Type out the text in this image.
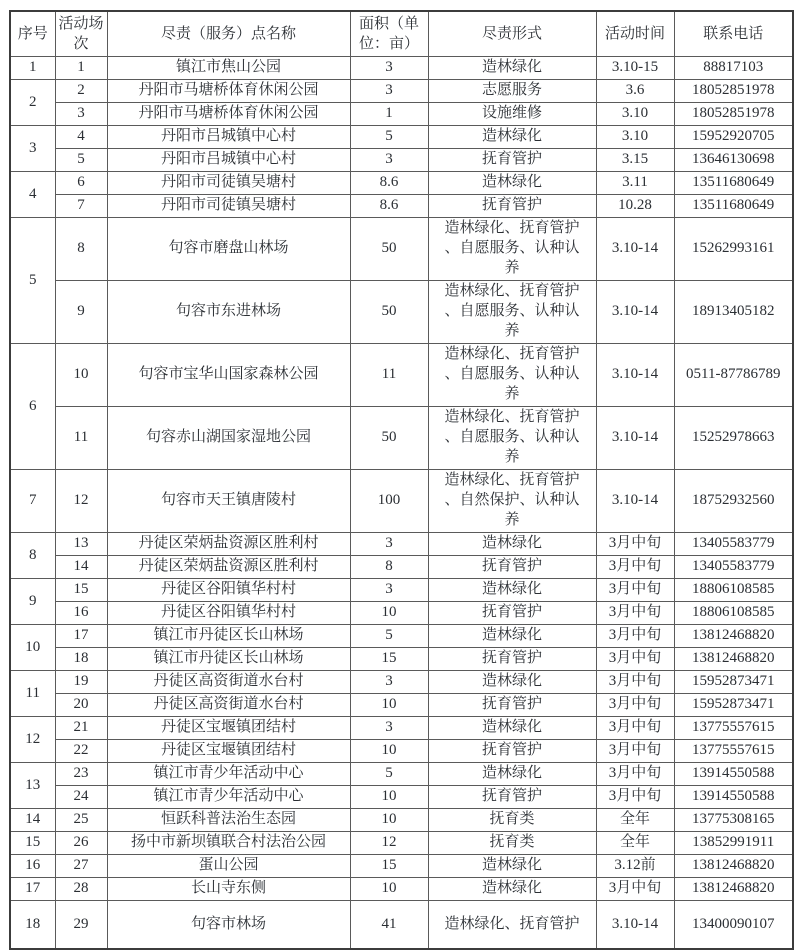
序号	活动场次	尽责（服务）点名称	面积（单位：亩）	尽责形式	活动时间	联系电话
1	1	镇江市焦山公园	3	造林绿化	3.10-15	88817103
2	2	丹阳市马塘桥体育休闲公园	3	志愿服务	3.6	18052851978
	3	丹阳市马塘桥体育休闲公园	1	设施维修	3.10	18052851978
3	4	丹阳市吕城镇中心村	5	造林绿化	3.10	15952920705
	5	丹阳市吕城镇中心村	3	抚育管护	3.15	13646130698
4	6	丹阳市司徒镇吴塘村	8.6	造林绿化	3.11	13511680649
	7	丹阳市司徒镇吴塘村	8.6	抚育管护	10.28	13511680649
5	8	句容市磨盘山林场	50	造林绿化、抚育管护、自愿服务、认种认养	3.10-14	15262993161
	9	句容市东进林场	50	造林绿化、抚育管护、自愿服务、认种认养	3.10-14	18913405182
6	10	句容市宝华山国家森林公园	11	造林绿化、抚育管护、自愿服务、认种认养	3.10-14	0511-87786789
	11	句容赤山湖国家湿地公园	50	造林绿化、抚育管护、自愿服务、认种认养	3.10-14	15252978663
7	12	句容市天王镇唐陵村	100	造林绿化、抚育管护、自然保护、认种认养	3.10-14	18752932560
8	13	丹徒区荣炳盐资源区胜利村	3	造林绿化	3月中旬	13405583779
	14	丹徒区荣炳盐资源区胜利村	8	抚育管护	3月中旬	13405583779
9	15	丹徒区谷阳镇华村村	3	造林绿化	3月中旬	18806108585
	16	丹徒区谷阳镇华村村	10	抚育管护	3月中旬	18806108585
10	17	镇江市丹徒区长山林场	5	造林绿化	3月中旬	13812468820
	18	镇江市丹徒区长山林场	15	抚育管护	3月中旬	13812468820
11	19	丹徒区高资街道水台村	3	造林绿化	3月中旬	15952873471
	20	丹徒区高资街道水台村	10	抚育管护	3月中旬	15952873471
12	21	丹徒区宝堰镇团结村	3	造林绿化	3月中旬	13775557615
	22	丹徒区宝堰镇团结村	10	抚育管护	3月中旬	13775557615
13	23	镇江市青少年活动中心	5	造林绿化	3月中旬	13914550588
	24	镇江市青少年活动中心	10	抚育管护	3月中旬	13914550588
14	25	恒跃科普法治生态园	10	抚育类	全年	13775308165
15	26	扬中市新坝镇联合村法治公园	12	抚育类	全年	13852991911
16	27	蛋山公园	15	造林绿化	3.12前	13812468820
17	28	长山寺东侧	10	造林绿化	3月中旬	13812468820
18	29	句容市林场	41	造林绿化、抚育管护	3.10-14	13400090107
